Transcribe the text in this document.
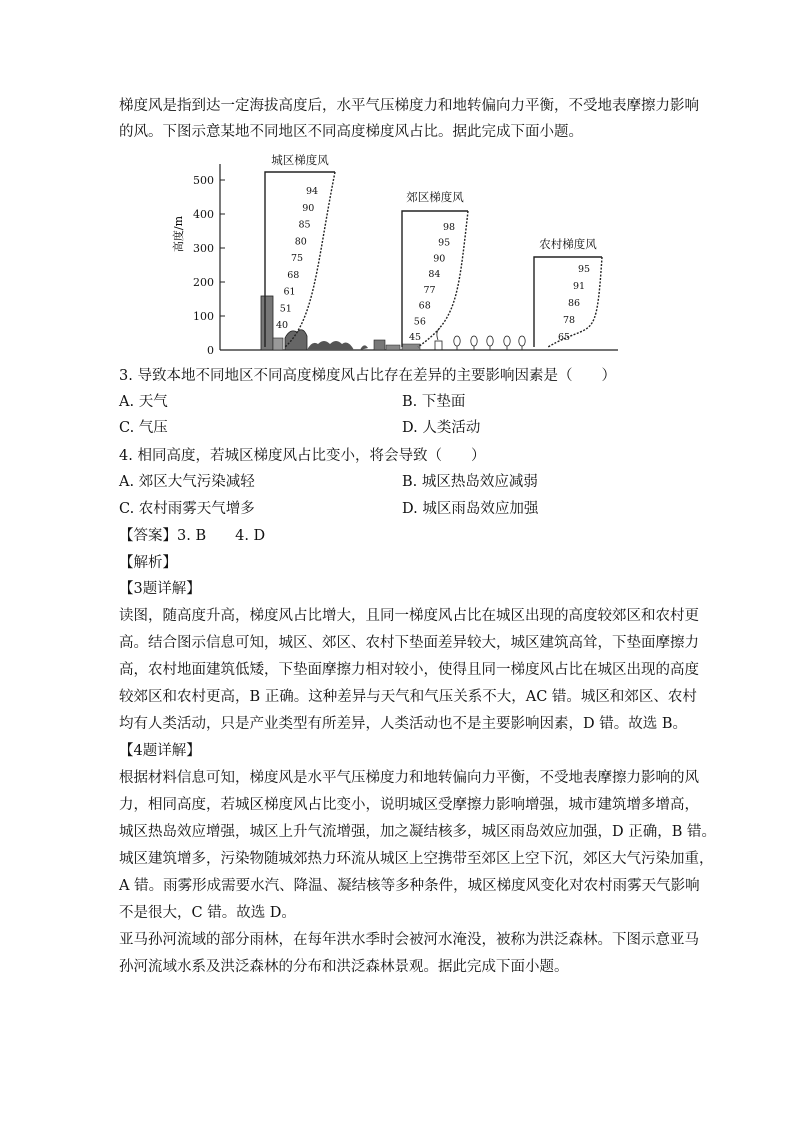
梯度风是指到达一定海拔高度后，水平气压梯度力和地转偏向力平衡，不受地表摩擦力影响
的风。下图示意某地不同地区不同高度梯度风占比。据此完成下面小题。
0
100
200
300
400
500
高度/m
城区梯度风
40
51
61
68
75
80
85
90
94	郊区梯度风
45
56
68
77
84
90
95
98
农村梯度风
65
78
86
91
95
3. 导致本地不同地区不同高度梯度风占比存在差异的主要影响因素是（　　）
A. 天气	B. 下垫面
C. 气压	D. 人类活动
4. 相同高度，若城区梯度风占比变小，将会导致（　　）
A. 郊区大气污染减轻	B. 城区热岛效应减弱
C. 农村雨雾天气增多	D. 城区雨岛效应加强
【答案】3. B　　4. D
【解析】
【3题详解】
读图，随高度升高，梯度风占比增大，且同一梯度风占比在城区出现的高度较郊区和农村更
高。结合图示信息可知，城区、郊区、农村下垫面差异较大，城区建筑高耸，下垫面摩擦力
高，农村地面建筑低矮，下垫面摩擦力相对较小，使得且同一梯度风占比在城区出现的高度
较郊区和农村更高，B 正确。这种差异与天气和气压关系不大，AC 错。城区和郊区、农村
均有人类活动，只是产业类型有所差异，人类活动也不是主要影响因素，D 错。故选 B。
【4题详解】
根据材料信息可知，梯度风是水平气压梯度力和地转偏向力平衡，不受地表摩擦力影响的风
力，相同高度，若城区梯度风占比变小，说明城区受摩擦力影响增强，城市建筑增多增高，
城区热岛效应增强，城区上升气流增强，加之凝结核多，城区雨岛效应加强，D 正确，B 错。
城区建筑增多，污染物随城郊热力环流从城区上空携带至郊区上空下沉，郊区大气污染加重，
A 错。雨雾形成需要水汽、降温、凝结核等多种条件，城区梯度风变化对农村雨雾天气影响
不是很大，C 错。故选 D。
亚马孙河流域的部分雨林，在每年洪水季时会被河水淹没，被称为洪泛森林。下图示意亚马
孙河流域水系及洪泛森林的分布和洪泛森林景观。据此完成下面小题。
